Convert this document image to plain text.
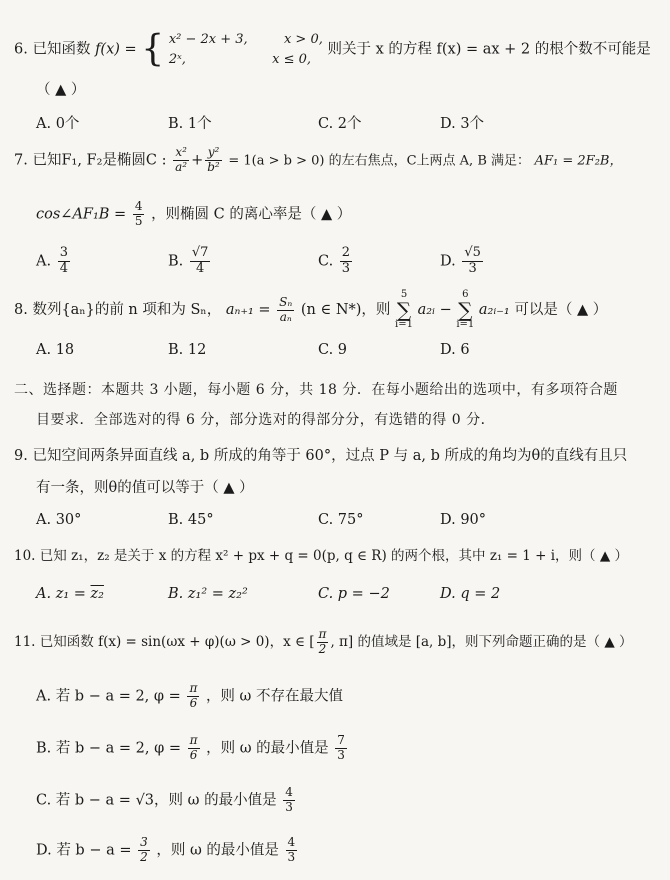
6. 已知函数 f(x) = { x² − 2x + 3,	x > 0,
2ˣ,	x ≤ 0, 则关于 x 的方程 f(x) = ax + 2 的根个数不可能是
（ ▲ ）
A. 0个	B. 1个	C. 2个	D. 3个
7. 已知F₁, F₂是椭圆C : $\frac{\text{x²}}{\text{a²}} + \frac{\text{y²}}{\text{b²}} = 1(a > b > 0)$ 的左右焦点，C上两点 A, B 满足： AF₁ = 2F₂B，
cos∠AF₁B = $\frac{4}{5}$ ，则椭圆 C 的离心率是（ ▲ ）
A. $\frac{3}{4}$	B. $\frac{√7}{4}$	C. $\frac{2}{3}$	D. $\frac{√5}{3}$
8. 数列{aₙ}的前 n 项和为 Sₙ， $a_{n+1} = \frac{\text{Sₙ}}{\text{aₙ}} (n$ ∈ N*)，则 5
∑
i=1 a₂ᵢ − 6
∑
i=1 a₂ᵢ₋₁ 可以是（ ▲ ）
A. 18	B. 12	C. 9	D. 6
二、选择题：本题共 3 小题，每小题 6 分，共 18 分．在每小题给出的选项中，有多项符合题
目要求．全部选对的得 6 分，部分选对的得部分分，有选错的得 0 分．
9. 已知空间两条异面直线 a, b 所成的角等于 60°，过点 P 与 a, b 所成的角均为θ的直线有且只
有一条，则θ的值可以等于（ ▲ ）
A. 30°	B. 45°	C. 75°	D. 90°
10. 已知 z₁，z₂ 是关于 x 的方程 x² + px + q = 0(p, q ∈ R) 的两个根，其中 z₁ = 1 + i，则（ ▲ ）
A. z₁ = z₂	B. z₁² = z₂²	C. p = −2	D. q = 2
11. 已知函数 f(x) = sin(ωx + φ)(ω > 0)，x ∈ [ $\frac{\pi}{2}$ , π] 的值域是 [a, b]，则下列命题正确的是（ ▲ ）
A. 若 b − a = 2, $\varphi = \frac{\pi}{6}$ ，则 ω 不存在最大值
B. 若 b − a = 2, $\varphi = \frac{\pi}{6}$ ，则 ω 的最小值是 $\frac{7}{3}$
C. 若 b − a = √3，则 ω 的最小值是 $\frac{4}{3}$
D. 若 $b - a = \frac{3}{2}$ ，则 ω 的最小值是 $\frac{4}{3}$
